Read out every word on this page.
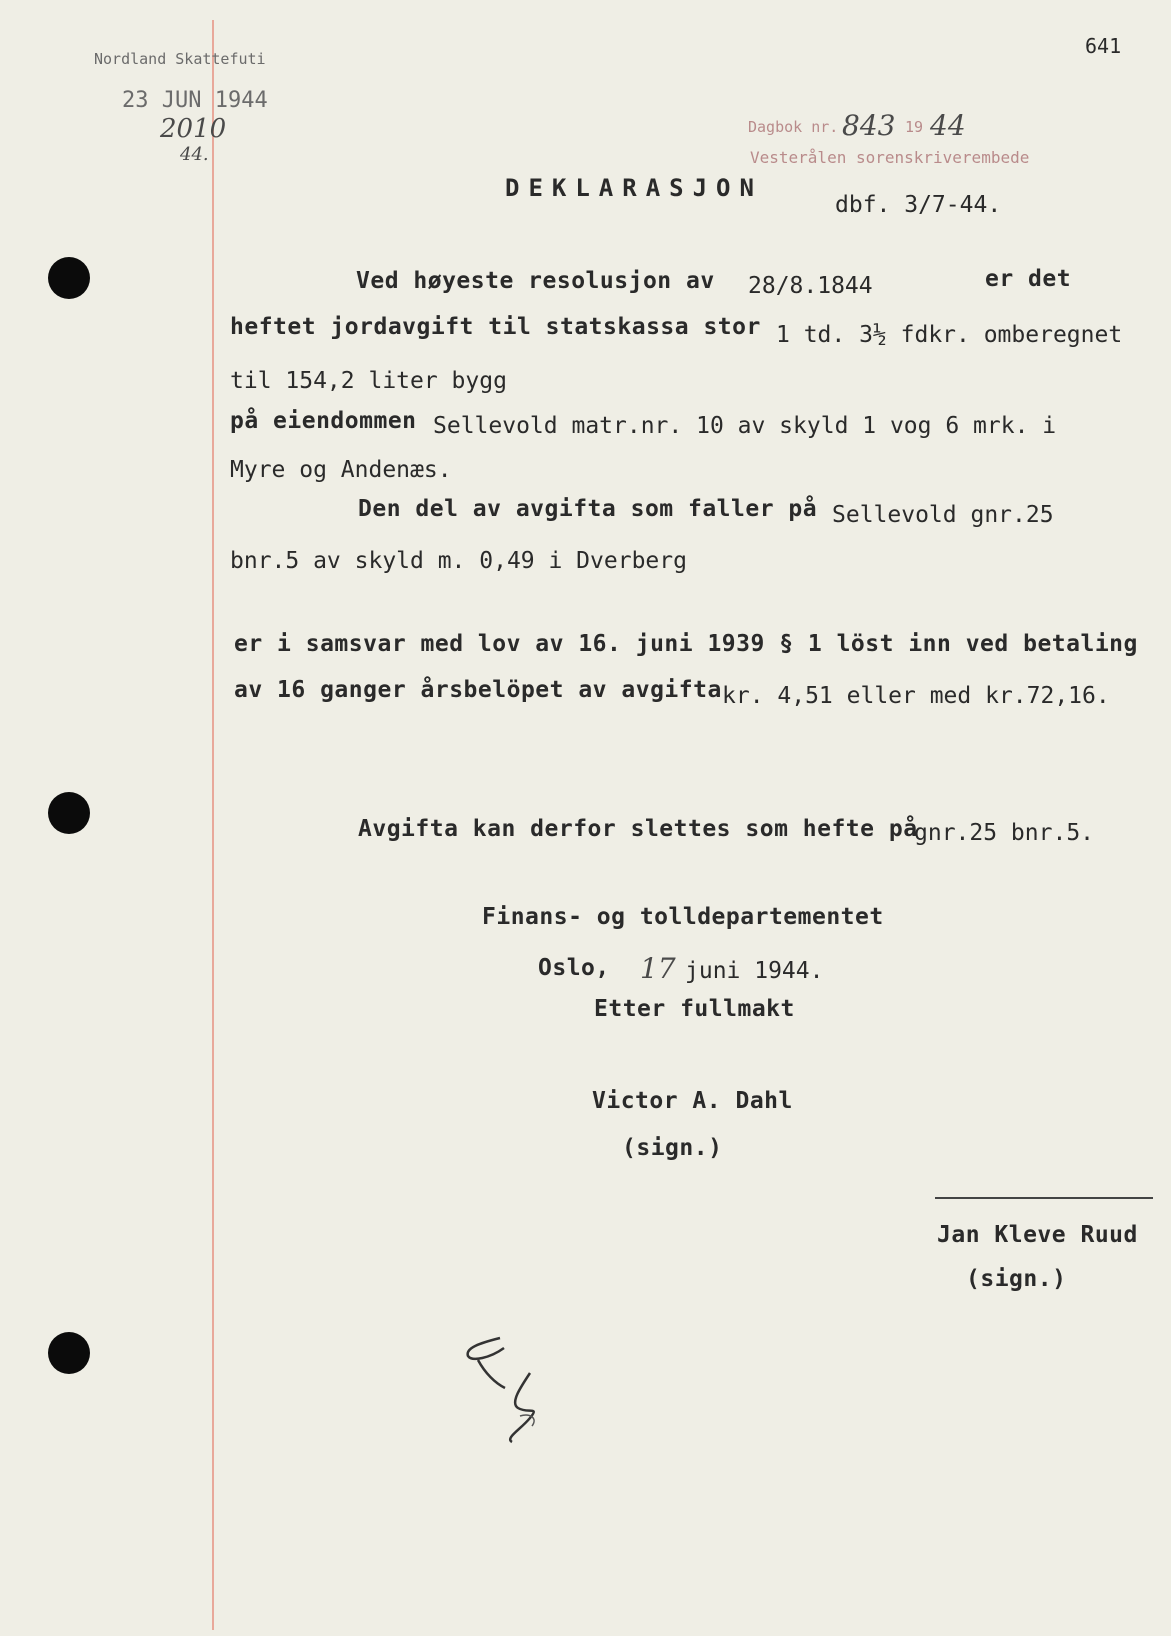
Nordland Skattefuti
23 JUN 1944
2010
44.
641
Dagbok nr. 843 19 44
Vesterålen sorenskriverembede
DEKLARASJON
dbf. 3/7-44.
Ved høyeste resolusjon av 28/8.1844	er det
heftet jordavgift til statskassa stor 1 td. 3½ fdkr. omberegnet
til 154,2 liter bygg
på eiendommen Sellevold matr.nr. 10 av skyld 1 vog 6 mrk. i
Myre og Andenæs.
Den del av avgifta som faller på Sellevold gnr.25
bnr.5 av skyld m. 0,49 i Dverberg
er i samsvar med lov av 16. juni 1939 § 1 löst inn ved betaling
av 16 ganger årsbelöpet av avgifta kr. 4,51 eller med kr.72,16.
Avgifta kan derfor slettes som hefte på
gnr.25 bnr.5.
Finans- og tolldepartementet
Oslo, 17 juni 1944.
Etter fullmakt
Victor A. Dahl
(sign.)
Jan Kleve Ruud
(sign.)
